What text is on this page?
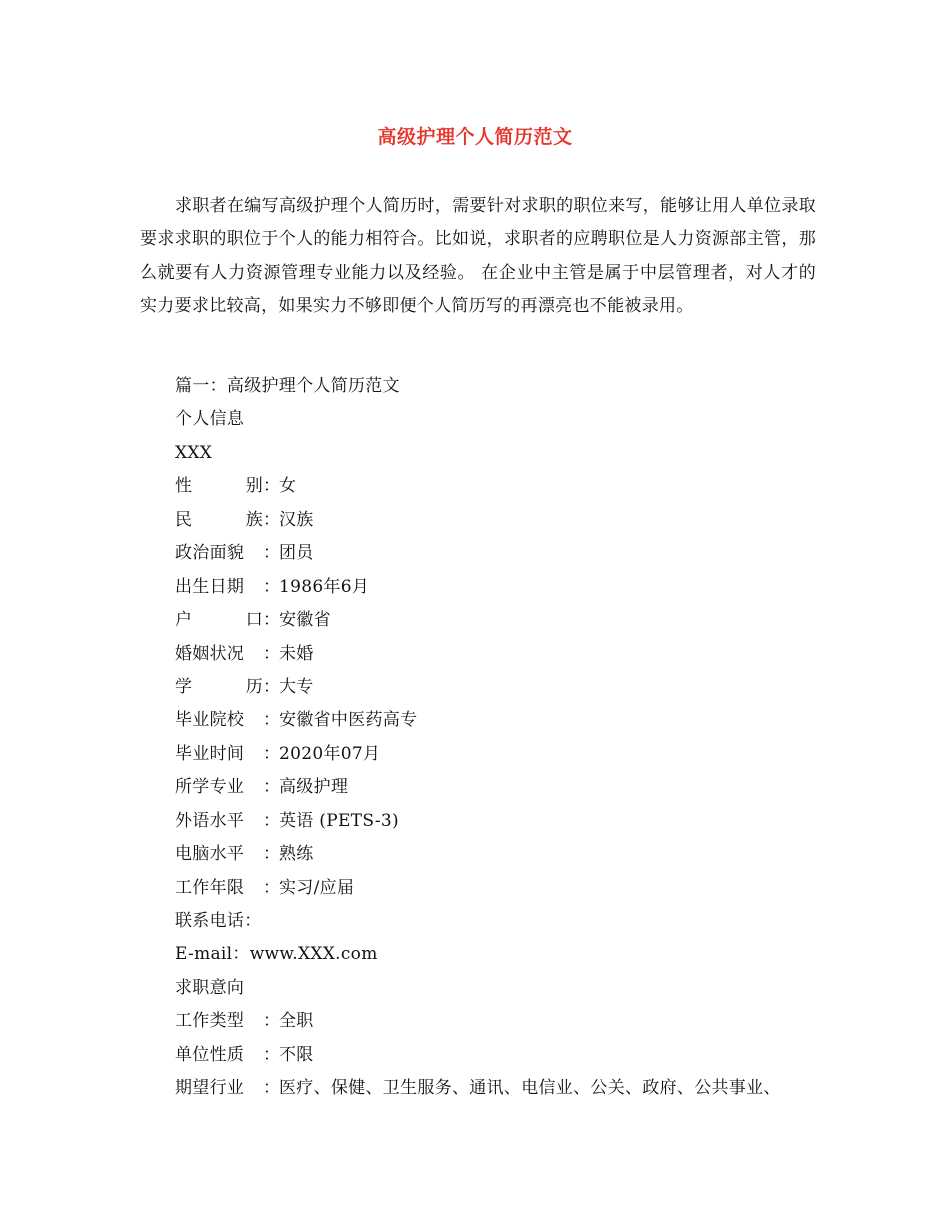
高级护理个人简历范文

求职者在编写高级护理个人简历时，需要针对求职的职位来写，能够让用人单位录取要求求职的职位于个人的能力相符合。比如说，求职者的应聘职位是人力资源部主管，那么就要有人力资源管理专业能力以及经验。 在企业中主管是属于中层管理者，对人才的实力要求比较高，如果实力不够即便个人简历写的再漂亮也不能被录用。

篇一：高级护理个人简历范文
个人信息
XXX
性别 ：
女
民族 ：
汉族
政治面貌	：
团员
出生日期	：
1986年6月
户口 ：
安徽省
婚姻状况	：
未婚
学历 ：
大专
毕业院校	：
安徽省中医药高专
毕业时间	：
2020年07月
所学专业	：
高级护理
外语水平	：
英语 (PETS-3)
电脑水平	：
熟练
工作年限	：
实习/应届
联系电话：
E-mail：www.XXX.com
求职意向
工作类型	：
全职
单位性质	：
不限
期望行业	：
医疗、保健、卫生服务、通讯、电信业、公关、政府、公共事业、
